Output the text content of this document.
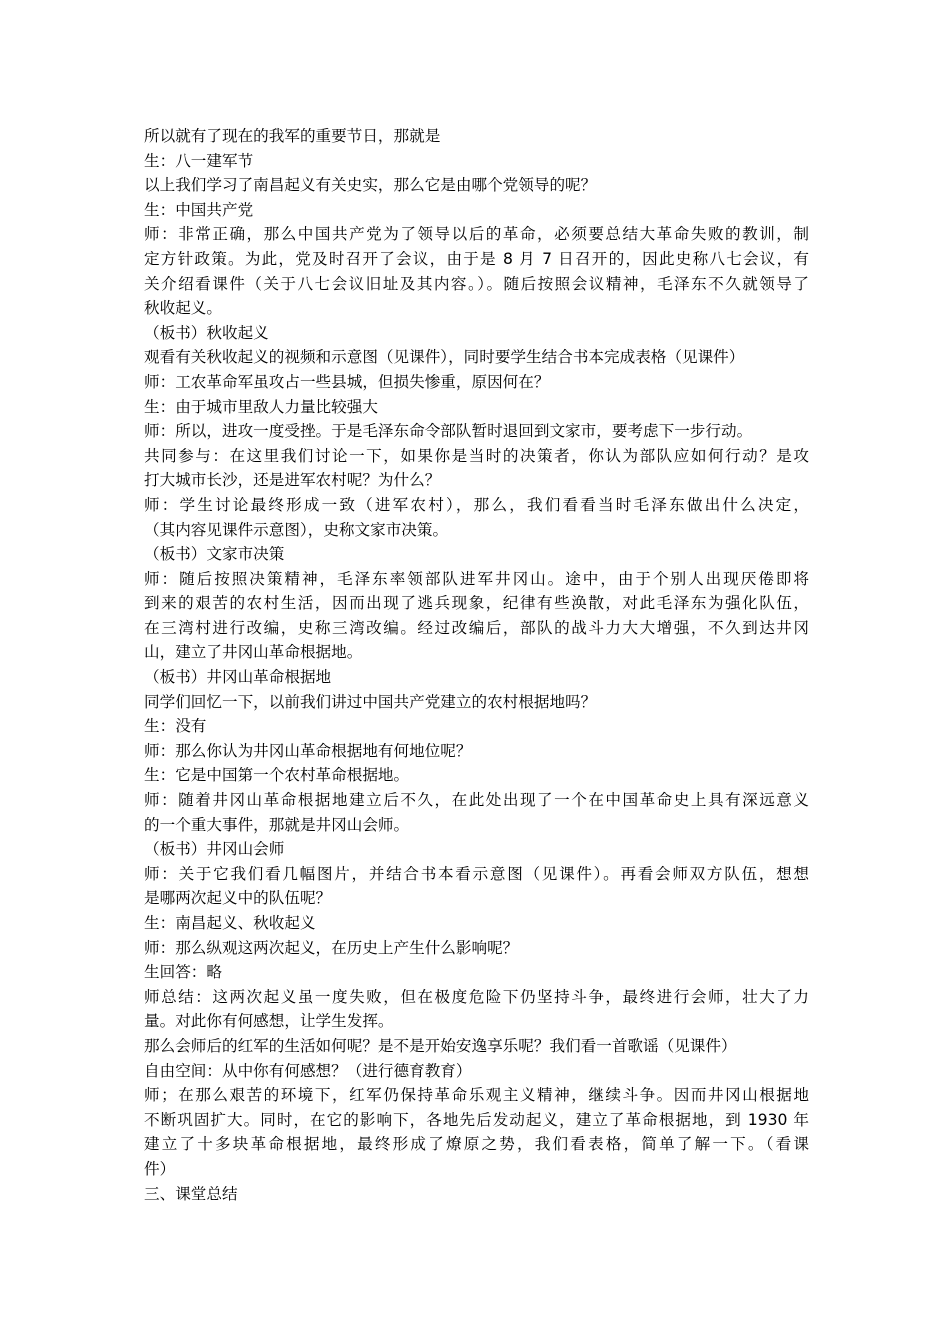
所以就有了现在的我军的重要节日，那就是
生：八一建军节
以上我们学习了南昌起义有关史实，那么它是由哪个党领导的呢？
生：中国共产党
师：非常正确，那么中国共产党为了领导以后的革命，必须要总结大革命失败的教训，制
定方针政策。为此，党及时召开了会议，由于是 8 月 7 日召开的，因此史称八七会议，有
关介绍看课件（关于八七会议旧址及其内容。）。随后按照会议精神，毛泽东不久就领导了
秋收起义。
（板书）秋收起义
观看有关秋收起义的视频和示意图（见课件），同时要学生结合书本完成表格（见课件）
师：工农革命军虽攻占一些县城，但损失惨重，原因何在？
生：由于城市里敌人力量比较强大
师：所以，进攻一度受挫。于是毛泽东命令部队暂时退回到文家市，要考虑下一步行动。
共同参与：在这里我们讨论一下，如果你是当时的决策者，你认为部队应如何行动？是攻
打大城市长沙，还是进军农村呢？为什么？
师：学生讨论最终形成一致（进军农村），那么，我们看看当时毛泽东做出什么决定，
（其内容见课件示意图），史称文家市决策。
（板书）文家市决策
师：随后按照决策精神，毛泽东率领部队进军井冈山。途中，由于个别人出现厌倦即将
到来的艰苦的农村生活，因而出现了逃兵现象，纪律有些涣散，对此毛泽东为强化队伍，
在三湾村进行改编，史称三湾改编。经过改编后，部队的战斗力大大增强，不久到达井冈
山，建立了井冈山革命根据地。
（板书）井冈山革命根据地
同学们回忆一下，以前我们讲过中国共产党建立的农村根据地吗？
生：没有
师：那么你认为井冈山革命根据地有何地位呢？
生：它是中国第一个农村革命根据地。
师：随着井冈山革命根据地建立后不久，在此处出现了一个在中国革命史上具有深远意义
的一个重大事件，那就是井冈山会师。
（板书）井冈山会师
师：关于它我们看几幅图片，并结合书本看示意图（见课件）。再看会师双方队伍，想想
是哪两次起义中的队伍呢？
生：南昌起义、秋收起义
师：那么纵观这两次起义，在历史上产生什么影响呢？
生回答：略
师总结：这两次起义虽一度失败，但在极度危险下仍坚持斗争，最终进行会师，壮大了力
量。对此你有何感想，让学生发挥。
那么会师后的红军的生活如何呢？是不是开始安逸享乐呢？我们看一首歌谣（见课件）
自由空间：从中你有何感想？（进行德育教育）
师；在那么艰苦的环境下，红军仍保持革命乐观主义精神，继续斗争。因而井冈山根据地
不断巩固扩大。同时，在它的影响下，各地先后发动起义，建立了革命根据地，到 1930 年
建立了十多块革命根据地，最终形成了燎原之势，我们看表格，简单了解一下。（看课
件）
三、课堂总结
